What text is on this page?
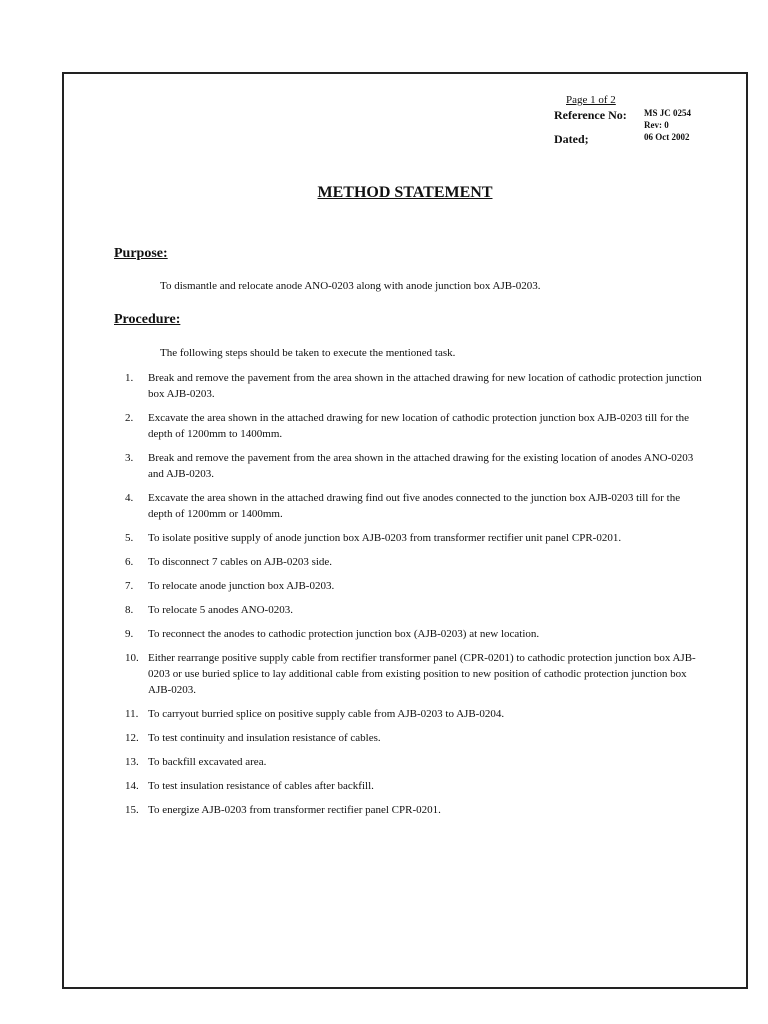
Page 1 of 2
Reference No: MS JC 0254
Rev: 0
Dated;	06 Oct 2002
METHOD STATEMENT
Purpose:
To dismantle and relocate anode ANO-0203 along with anode junction box AJB-0203.
Procedure:
The following steps should be taken to execute the mentioned task.
1.	Break and remove the pavement from the area shown in the attached drawing for new location of cathodic protection junction box AJB-0203.
2.	Excavate the area shown in the attached drawing for new location of cathodic protection junction box AJB-0203 till for the depth of 1200mm to 1400mm.
3.	Break and remove the pavement from the area shown in the attached drawing for the existing location of anodes ANO-0203 and AJB-0203.
4.	Excavate the area shown in the attached drawing find out five anodes connected to the junction box AJB-0203 till for the depth of 1200mm or 1400mm.
5.	To isolate positive supply of anode junction box AJB-0203 from transformer rectifier unit panel CPR-0201.
6.	To disconnect 7 cables on AJB-0203 side.
7.	To relocate anode junction box AJB-0203.
8.	To relocate 5 anodes ANO-0203.
9.	To reconnect the anodes to cathodic protection junction box (AJB-0203) at new location.
10. Either rearrange positive supply cable from rectifier transformer panel (CPR-0201) to cathodic protection junction box AJB-0203 or use buried splice to lay additional cable from existing position to new position of cathodic protection junction box AJB-0203.
11. To carryout burried splice on positive supply cable from AJB-0203 to AJB-0204.
12. To test continuity and insulation resistance of cables.
13. To backfill excavated area.
14. To test insulation resistance of cables after backfill.
15. To energize AJB-0203 from transformer rectifier panel CPR-0201.
